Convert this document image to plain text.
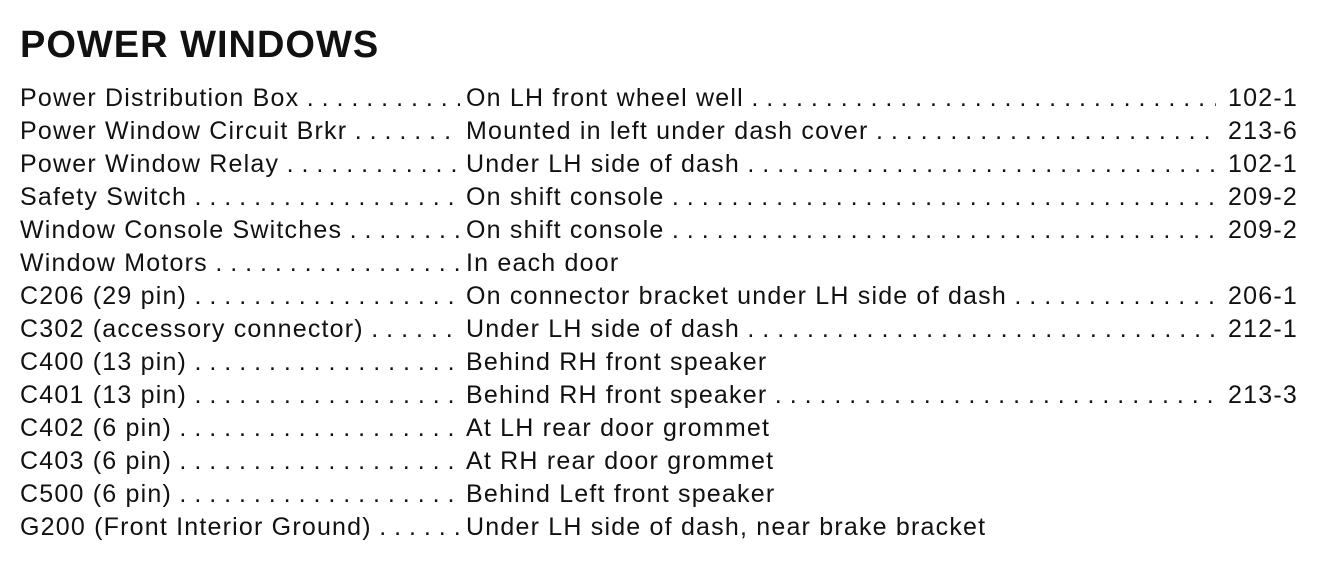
POWER WINDOWS
Power Distribution Box . . .	On LH front wheel well . . .	102-1
Power Window Circuit Brkr . . .	Mounted in left under dash cover . . .	213-6
Power Window Relay . . .	Under LH side of dash . . .	102-1
Safety Switch . . .	On shift console . . .	209-2
Window Console Switches . . .	On shift console . . .	209-2
Window Motors . . .	In each door
C206 (29 pin) . . .	On connector bracket under LH side of dash . . .	206-1
C302 (accessory connector) . . .	Under LH side of dash . . .	212-1
C400 (13 pin) . . .	Behind RH front speaker
C401 (13 pin) . . .	Behind RH front speaker . . .	213-3
C402 (6 pin) . . .	At LH rear door grommet
C403 (6 pin) . . .	At RH rear door grommet
C500 (6 pin) . . .	Behind Left front speaker
G200 (Front Interior Ground) . . .	Under LH side of dash, near brake bracket
